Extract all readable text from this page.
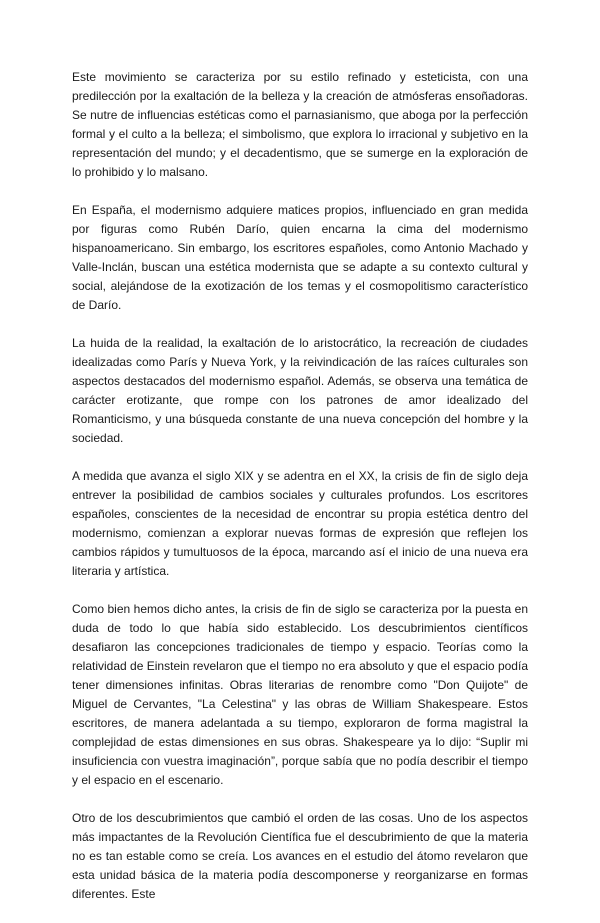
Este movimiento se caracteriza por su estilo refinado y esteticista, con una predilección por la exaltación de la belleza y la creación de atmósferas ensoñadoras. Se nutre de influencias estéticas como el parnasianismo, que aboga por la perfección formal y el culto a la belleza; el simbolismo, que explora lo irracional y subjetivo en la representación del mundo; y el decadentismo, que se sumerge en la exploración de lo prohibido y lo malsano.

En España, el modernismo adquiere matices propios, influenciado en gran medida por figuras como Rubén Darío, quien encarna la cima del modernismo hispanoamericano. Sin embargo, los escritores españoles, como Antonio Machado y Valle-Inclán, buscan una estética modernista que se adapte a su contexto cultural y social, alejándose de la exotización de los temas y el cosmopolitismo característico de Darío.

La huida de la realidad, la exaltación de lo aristocrático, la recreación de ciudades idealizadas como París y Nueva York, y la reivindicación de las raíces culturales son aspectos destacados del modernismo español. Además, se observa una temática de carácter erotizante, que rompe con los patrones de amor idealizado del Romanticismo, y una búsqueda constante de una nueva concepción del hombre y la sociedad.

A medida que avanza el siglo XIX y se adentra en el XX, la crisis de fin de siglo deja entrever la posibilidad de cambios sociales y culturales profundos. Los escritores españoles, conscientes de la necesidad de encontrar su propia estética dentro del modernismo, comienzan a explorar nuevas formas de expresión que reflejen los cambios rápidos y tumultuosos de la época, marcando así el inicio de una nueva era literaria y artística.

Como bien hemos dicho antes, la crisis de fin de siglo se caracteriza por la puesta en duda de todo lo que había sido establecido. Los descubrimientos científicos desafiaron las concepciones tradicionales de tiempo y espacio. Teorías como la relatividad de Einstein revelaron que el tiempo no era absoluto y que el espacio podía tener dimensiones infinitas. Obras literarias de renombre como "Don Quijote" de Miguel de Cervantes, "La Celestina" y las obras de William Shakespeare. Estos escritores, de manera adelantada a su tiempo, exploraron de forma magistral la complejidad de estas dimensiones en sus obras. Shakespeare ya lo dijo: “Suplir mi insuficiencia con vuestra imaginación”, porque sabía que no podía describir el tiempo y el espacio en el escenario.

Otro de los descubrimientos que cambió el orden de las cosas. Uno de los aspectos más impactantes de la Revolución Científica fue el descubrimiento de que la materia no es tan estable como se creía. Los avances en el estudio del átomo revelaron que esta unidad básica de la materia podía descomponerse y reorganizarse en formas diferentes. Este
